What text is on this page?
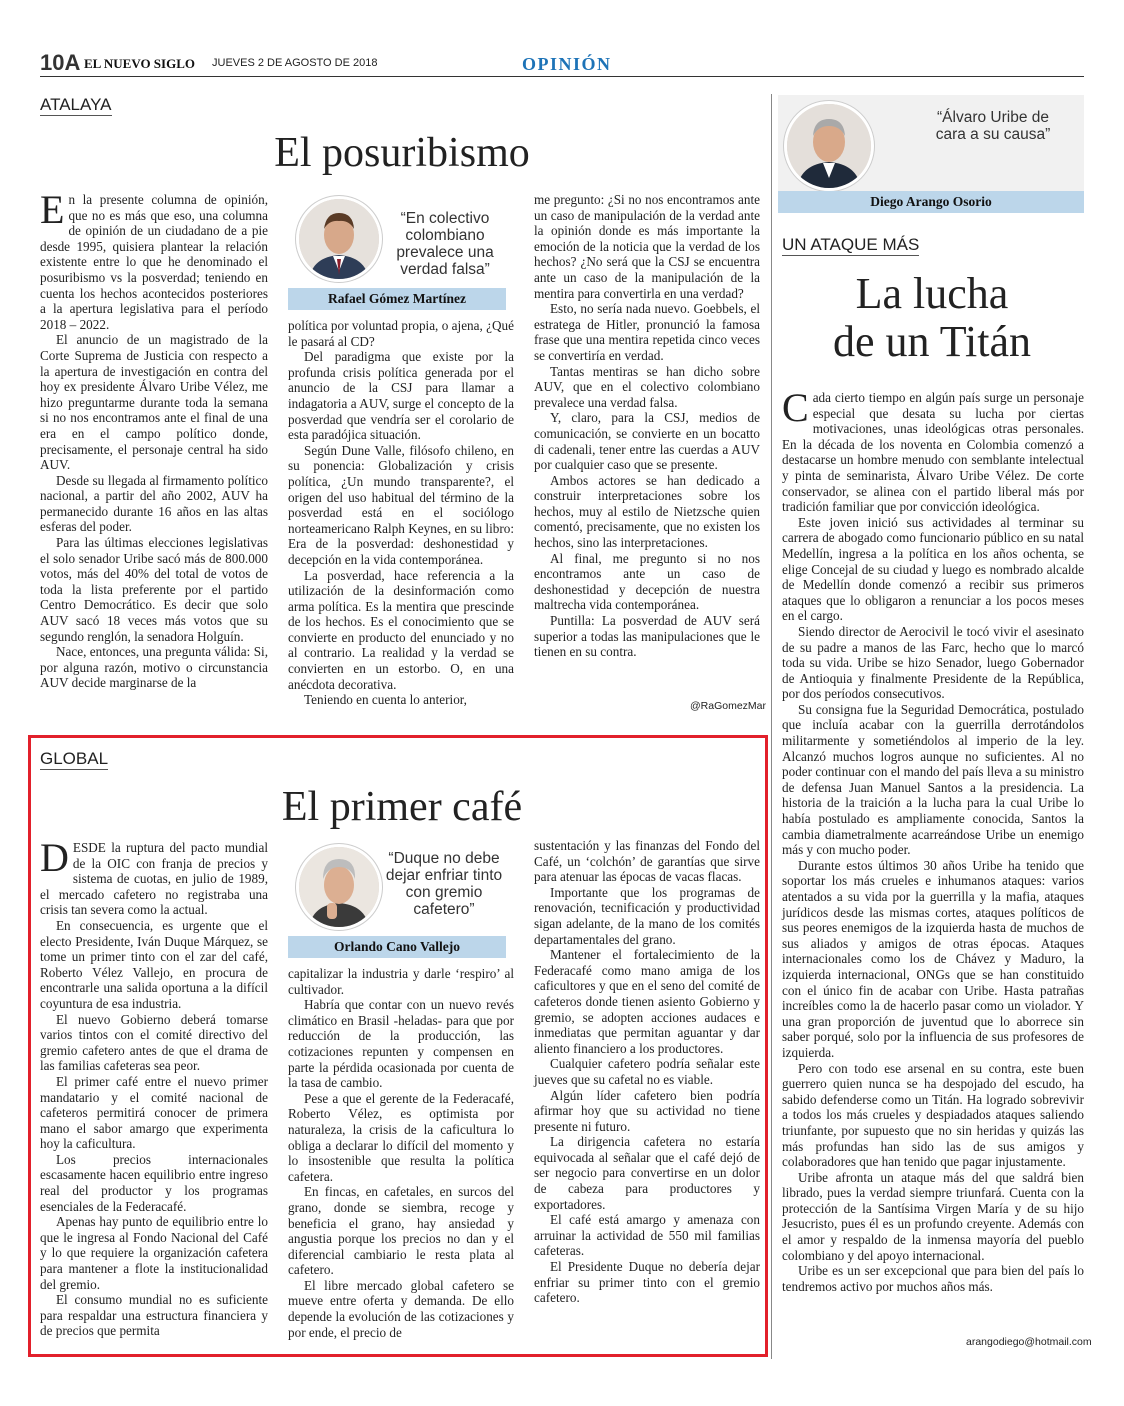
10A EL NUEVO SIGLO JUEVES 2 DE AGOSTO DE 2018	OPINIÓN
ATALAYA
El posuribismo

En la presente columna de opinión, que no es más que eso, una columna de opinión de un ciudadano de a pie desde 1995, quisiera plantear la relación existente entre lo que he denominado el posuribismo vs la posverdad; teniendo en cuenta los hechos acontecidos posteriores a la apertura legislativa para el período 2018 – 2022.

El anuncio de un magistrado de la Corte Suprema de Justicia con respecto a la apertura de investigación en contra del hoy ex presidente Álvaro Uribe Vélez, me hizo preguntarme durante toda la semana si no nos encontramos ante el final de una era en el campo político donde, precisamente, el personaje central ha sido AUV.

Desde su llegada al firmamento político nacional, a partir del año 2002, AUV ha permanecido durante 16 años en las altas esferas del poder.

Para las últimas elecciones legislativas el solo senador Uribe sacó más de 800.000 votos, más del 40% del total de votos de toda la lista preferente por el partido Centro Democrático. Es decir que solo AUV sacó 18 veces más votos que su segundo renglón, la senadora Holguín.

Nace, entonces, una pregunta válida: Si, por alguna razón, motivo o circunstancia AUV decide marginarse de la

“En colectivo colombiano prevalece una verdad falsa”
Rafael Gómez Martínez

política por voluntad propia, o ajena, ¿Qué le pasará al CD?

Del paradigma que existe por la profunda crisis política generada por el anuncio de la CSJ para llamar a indagatoria a AUV, surge el concepto de la posverdad que vendría ser el corolario de esta paradójica situación.

Según Dune Valle, filósofo chileno, en su ponencia: Globalización y crisis política, ¿Un mundo transparente?, el origen del uso habitual del término de la posverdad está en el sociólogo norteamericano Ralph Keynes, en su libro: Era de la posverdad: deshonestidad y decepción en la vida contemporánea.

La posverdad, hace referencia a la utilización de la desinformación como arma política. Es la mentira que prescinde de los hechos. Es el conocimiento que se convierte en producto del enunciado y no al contrario. La realidad y la verdad se convierten en un estorbo. O, en una anécdota decorativa.

Teniendo en cuenta lo anterior,

me pregunto: ¿Si no nos encontramos ante un caso de manipulación de la verdad ante la opinión donde es más importante la emoción de la noticia que la verdad de los hechos? ¿No será que la CSJ se encuentra ante un caso de la manipulación de la mentira para convertirla en una verdad?

Esto, no sería nada nuevo. Goebbels, el estratega de Hitler, pronunció la famosa frase que una mentira repetida cinco veces se convertiría en verdad.

Tantas mentiras se han dicho sobre AUV, que en el colectivo colombiano prevalece una verdad falsa.

Y, claro, para la CSJ, medios de comunicación, se convierte en un bocatto di cadenali, tener entre las cuerdas a AUV por cualquier caso que se presente.

Ambos actores se han dedicado a construir interpretaciones sobre los hechos, muy al estilo de Nietzsche quien comentó, precisamente, que no existen los hechos, sino las interpretaciones.

Al final, me pregunto si no nos encontramos ante un caso de deshonestidad y decepción de nuestra maltrecha vida contemporánea.

Puntilla: La posverdad de AUV será superior a todas las manipulaciones que le tienen en su contra.

@RaGomezMar
GLOBAL
El primer café

DESDE la ruptura del pacto mundial de la OIC con franja de precios y sistema de cuotas, en julio de 1989, el mercado cafetero no registraba una crisis tan severa como la actual.

En consecuencia, es urgente que el electo Presidente, Iván Duque Márquez, se tome un primer tinto con el zar del café, Roberto Vélez Vallejo, en procura de encontrarle una salida oportuna a la difícil coyuntura de esa industria.

El nuevo Gobierno deberá tomarse varios tintos con el comité directivo del gremio cafetero antes de que el drama de las familias cafeteras sea peor.

El primer café entre el nuevo primer mandatario y el comité nacional de cafeteros permitirá conocer de primera mano el sabor amargo que experimenta hoy la caficultura.

Los precios internacionales escasamente hacen equilibrio entre ingreso real del productor y los programas esenciales de la Federacafé.

Apenas hay punto de equilibrio entre lo que le ingresa al Fondo Nacional del Café y lo que requiere la organización cafetera para mantener a flote la institucionalidad del gremio.

El consumo mundial no es suficiente para respaldar una estructura financiera y de precios que permita

“Duque no debe dejar enfriar tinto con gremio cafetero”
Orlando Cano Vallejo

capitalizar la industria y darle ‘respiro’ al cultivador.

Habría que contar con un nuevo revés climático en Brasil -heladas- para que por reducción de la producción, las cotizaciones repunten y compensen en parte la pérdida ocasionada por cuenta de la tasa de cambio.

Pese a que el gerente de la Federacafé, Roberto Vélez, es optimista por naturaleza, la crisis de la caficultura lo obliga a declarar lo difícil del momento y lo insostenible que resulta la política cafetera.

En fincas, en cafetales, en surcos del grano, donde se siembra, recoge y beneficia el grano, hay ansiedad y angustia porque los precios no dan y el diferencial cambiario le resta plata al cafetero.

El libre mercado global cafetero se mueve entre oferta y demanda. De ello depende la evolución de las cotizaciones y por ende, el precio de

sustentación y las finanzas del Fondo del Café, un ‘colchón’ de garantías que sirve para atenuar las épocas de vacas flacas.

Importante que los programas de renovación, tecnificación y productividad sigan adelante, de la mano de los comités departamentales del grano.

Mantener el fortalecimiento de la Federacafé como mano amiga de los caficultores y que en el seno del comité de cafeteros donde tienen asiento Gobierno y gremio, se adopten acciones audaces e inmediatas que permitan aguantar y dar aliento financiero a los productores.

Cualquier cafetero podría señalar este jueves que su cafetal no es viable.

Algún líder cafetero bien podría afirmar hoy que su actividad no tiene presente ni futuro.

La dirigencia cafetera no estaría equivocada al señalar que el café dejó de ser negocio para convertirse en un dolor de cabeza para productores y exportadores.

El café está amargo y amenaza con arruinar la actividad de 550 mil familias cafeteras.

El Presidente Duque no debería dejar enfriar su primer tinto con el gremio cafetero.

“Álvaro Uribe de cara a su causa”
Diego Arango Osorio
UN ATAQUE MÁS
La lucha
de un Titán

Cada cierto tiempo en algún país surge un personaje especial que desata su lucha por ciertas motivaciones, unas ideológicas otras personales. En la década de los noventa en Colombia comenzó a destacarse un hombre menudo con semblante intelectual y pinta de seminarista, Álvaro Uribe Vélez. De corte conservador, se alinea con el partido liberal más por tradición familiar que por convicción ideológica.

Este joven inició sus actividades al terminar su carrera de abogado como funcionario público en su natal Medellín, ingresa a la política en los años ochenta, se elige Concejal de su ciudad y luego es nombrado alcalde de Medellín donde comenzó a recibir sus primeros ataques que lo obligaron a renunciar a los pocos meses en el cargo.

Siendo director de Aerocivil le tocó vivir el asesinato de su padre a manos de las Farc, hecho que lo marcó toda su vida. Uribe se hizo Senador, luego Gobernador de Antioquia y finalmente Presidente de la República, por dos períodos consecutivos.

Su consigna fue la Seguridad Democrática, postulado que incluía acabar con la guerrilla derrotándolos militarmente y sometiéndolos al imperio de la ley. Alcanzó muchos logros aunque no suficientes. Al no poder continuar con el mando del país lleva a su ministro de defensa Juan Manuel Santos a la presidencia. La historia de la traición a la lucha para la cual Uribe lo había postulado es ampliamente conocida, Santos la cambia diametralmente acarreándose Uribe un enemigo más y con mucho poder.

Durante estos últimos 30 años Uribe ha tenido que soportar los más crueles e inhumanos ataques: varios atentados a su vida por la guerrilla y la mafia, ataques jurídicos desde las mismas cortes, ataques políticos de sus peores enemigos de la izquierda hasta de muchos de sus aliados y amigos de otras épocas. Ataques internacionales como los de Chávez y Maduro, la izquierda internacional, ONGs que se han constituido con el único fin de acabar con Uribe. Hasta patrañas increíbles como la de hacerlo pasar como un violador. Y una gran proporción de juventud que lo aborrece sin saber porqué, solo por la influencia de sus profesores de izquierda.

Pero con todo ese arsenal en su contra, este buen guerrero quien nunca se ha despojado del escudo, ha sabido defenderse como un Titán. Ha logrado sobrevivir a todos los más crueles y despiadados ataques saliendo triunfante, por supuesto que no sin heridas y quizás las más profundas han sido las de sus amigos y colaboradores que han tenido que pagar injustamente.

Uribe afronta un ataque más del que saldrá bien librado, pues la verdad siempre triunfará. Cuenta con la protección de la Santísima Virgen María y de su hijo Jesucristo, pues él es un profundo creyente. Además con el amor y respaldo de la inmensa mayoría del pueblo colombiano y del apoyo internacional.

Uribe es un ser excepcional que para bien del país lo tendremos activo por muchos años más.

arangodiego@hotmail.com
